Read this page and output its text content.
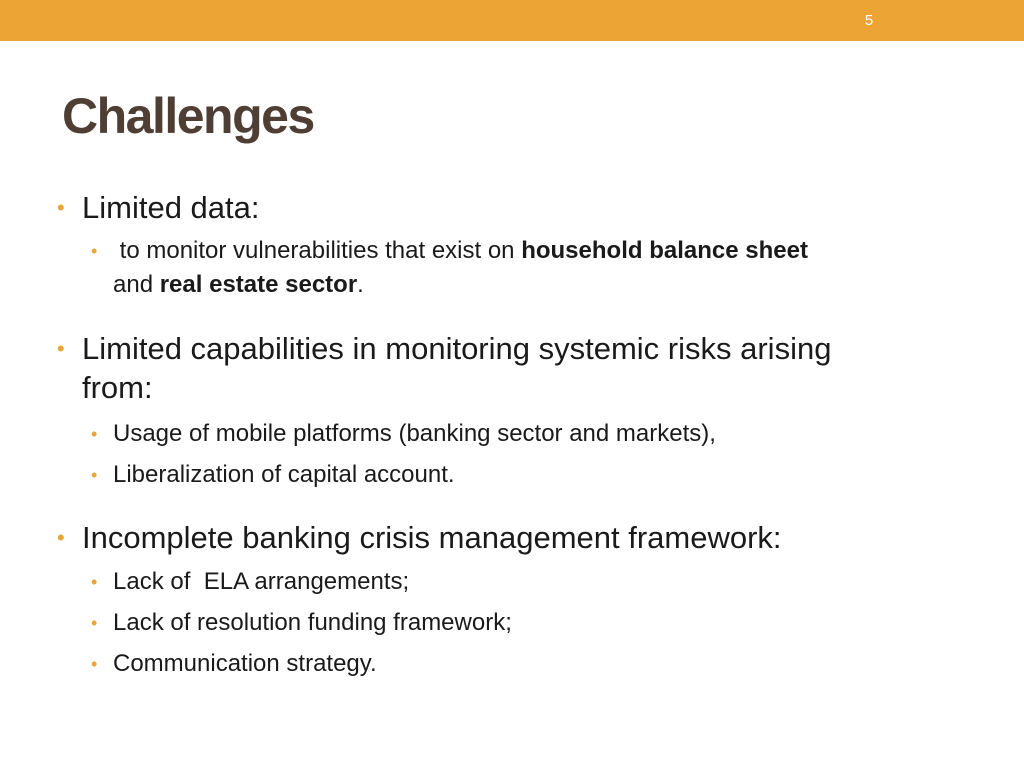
5
Challenges
• Limited data:
• to monitor vulnerabilities that exist on household balance sheet
and real estate sector.
• Limited capabilities in monitoring systemic risks arising
from:
• Usage of mobile platforms (banking sector and markets),
• Liberalization of capital account.
• Incomplete banking crisis management framework:
• Lack of  ELA arrangements;
• Lack of resolution funding framework;
• Communication strategy.
